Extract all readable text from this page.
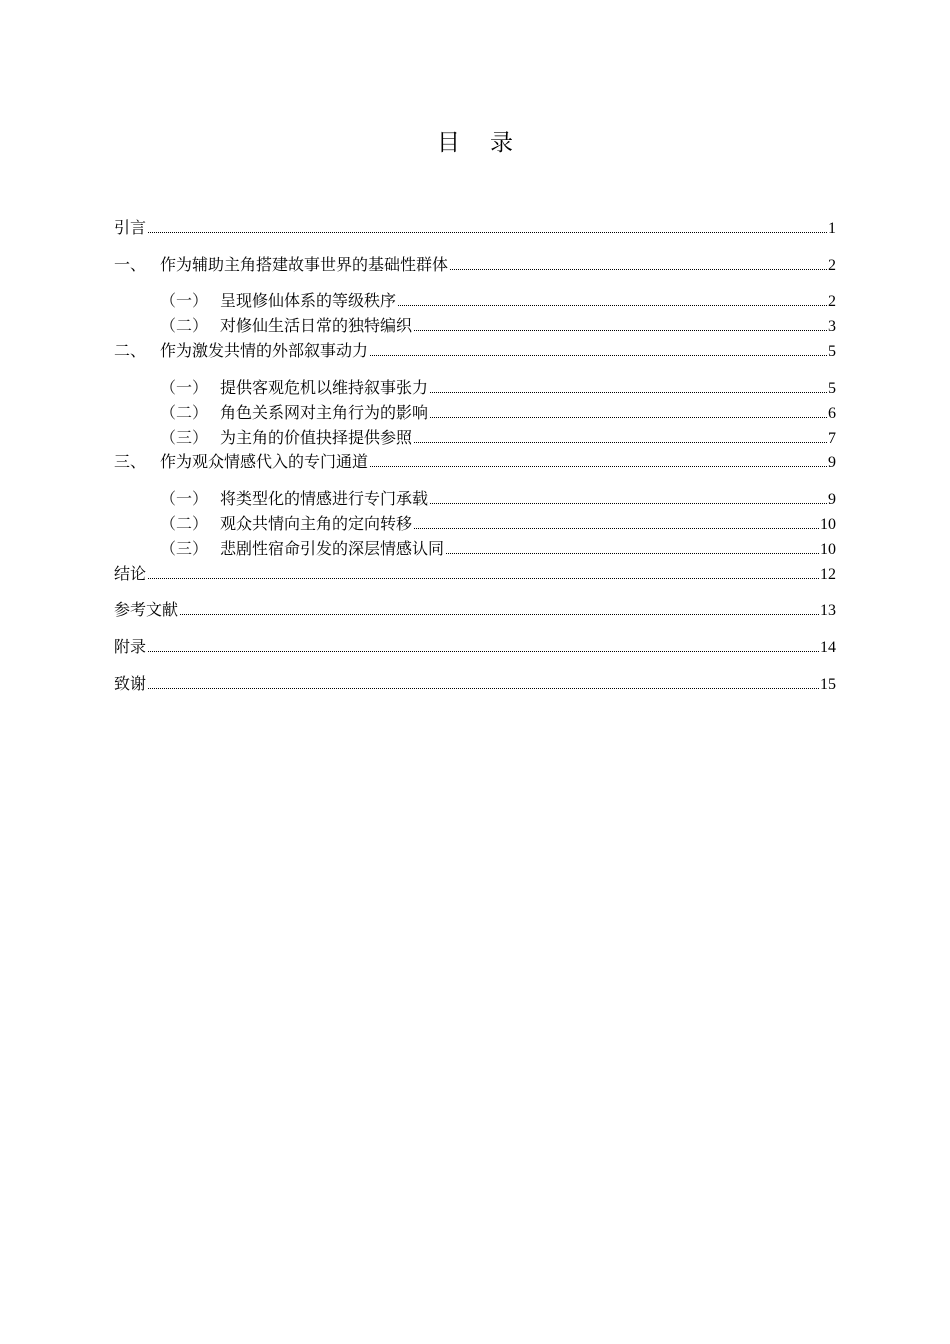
目 录
引言	1
一、 作为辅助主角搭建故事世界的基础性群体	2
（一） 呈现修仙体系的等级秩序	2
（二） 对修仙生活日常的独特编织	3
二、 作为激发共情的外部叙事动力	5
（一） 提供客观危机以维持叙事张力	5
（二） 角色关系网对主角行为的影响	6
（三） 为主角的价值抉择提供参照	7
三、 作为观众情感代入的专门通道	9
（一） 将类型化的情感进行专门承载	9
（二） 观众共情向主角的定向转移	10
（三） 悲剧性宿命引发的深层情感认同	10
结论	12
参考文献	13
附录	14
致谢	15
